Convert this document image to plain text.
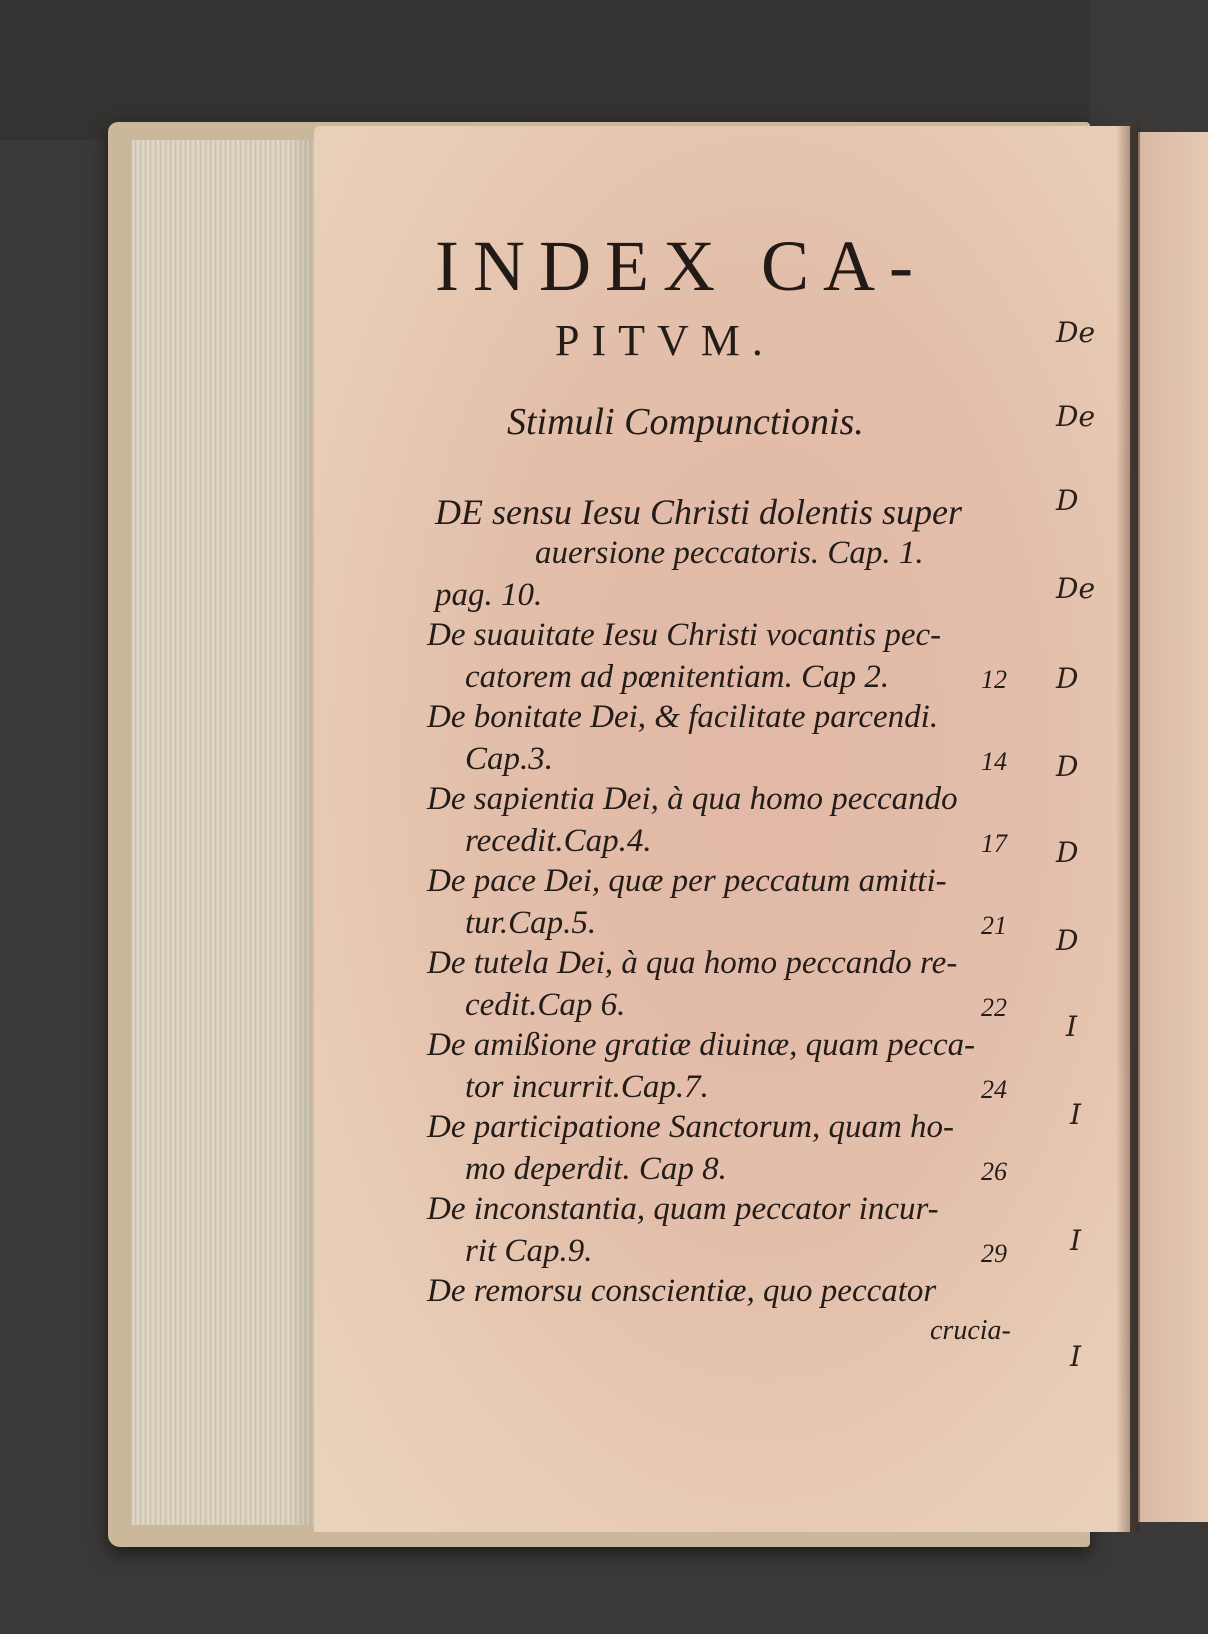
INDEX CA-
PITVM.
Stimuli Compunctionis.
DE sensu Iesu Christi dolentis super
auersione peccatoris. Cap. 1.
pag. 10.
De suauitate Iesu Christi vocantis pec-
catorem ad pœnitentiam. Cap 2.	12
De bonitate Dei, & facilitate parcendi.
Cap.3.	14
De sapientia Dei, à qua homo peccando
recedit.Cap.4.	17
De pace Dei, quæ per peccatum amitti-
tur.Cap.5.	21
De tutela Dei, à qua homo peccando re-
cedit.Cap 6.	22
De amißione gratiæ diuinæ, quam pecca-
tor incurrit.Cap.7.	24
De participatione Sanctorum, quam ho-
mo deperdit. Cap 8.	26
De inconstantia, quam peccator incur-
rit Cap.9.	29
De remorsu conscientiæ, quo peccator
crucia-
De
De
D
De
D
D
D
D
I
I
I
I
